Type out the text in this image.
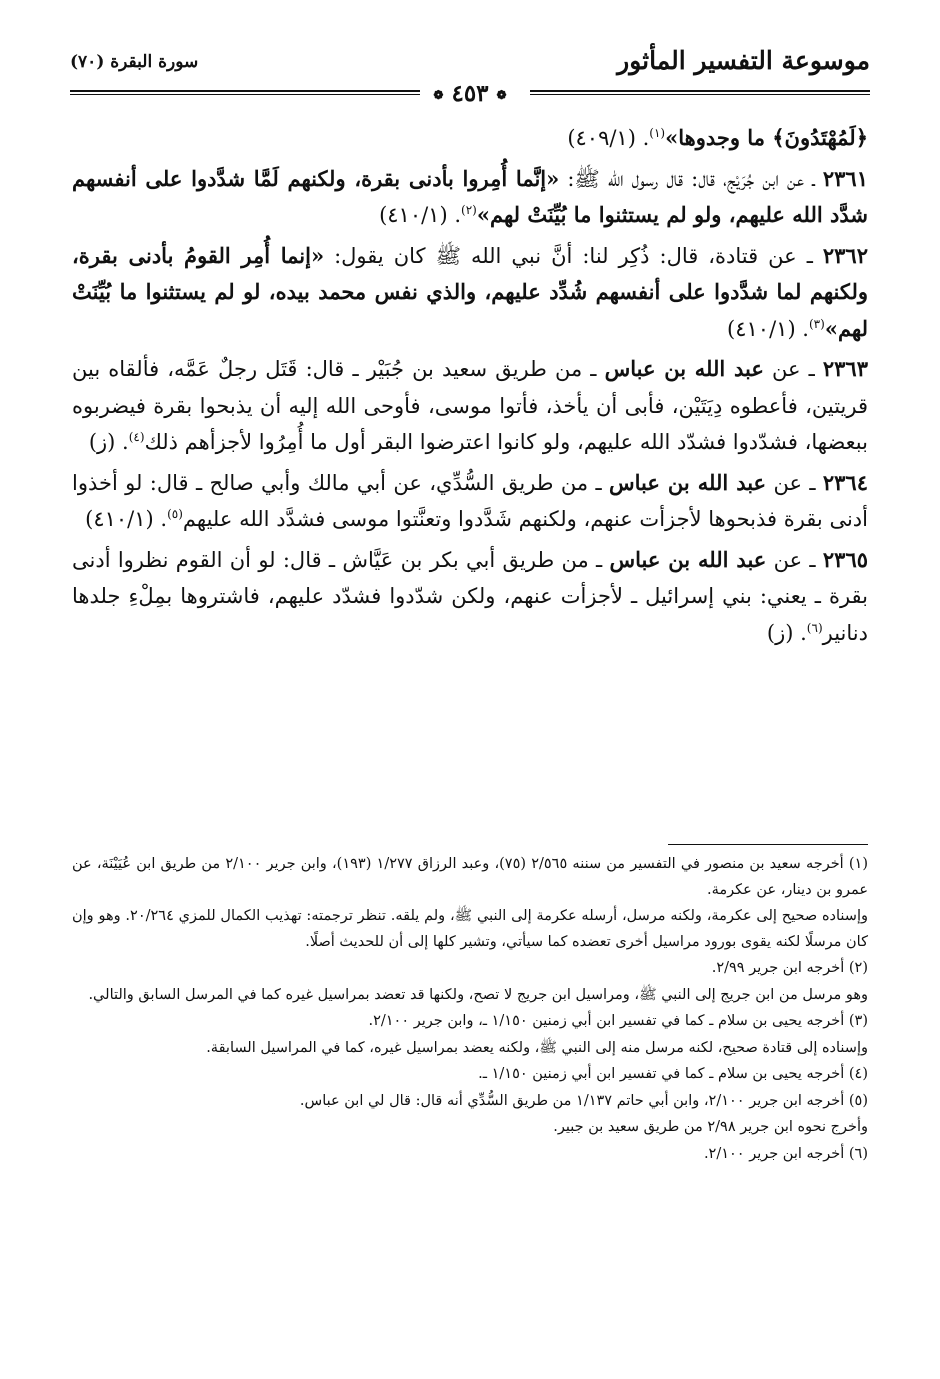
موسوعة التفسير المأثور
سورة البقرة (٧٠)
❁ ٤٥٣ ❁

﴿لَمُهْتَدُونَ﴾ ما وجدوها»$^{(١)}$. (٤٠٩/١)

٢٣٦١ ـ عن ابن جُرَيْج، قال: قال رسول الله ﷺ: «إنَّما أُمِروا بأدنى بقرة، ولكنهم لَمَّا شدَّدوا على أنفسهم شدَّد الله عليهم، ولو لم يستثنوا ما بُيِّنَتْ لهم»$^{(٢)}$. (٤١٠/١)

٢٣٦٢ ـ عن قتادة، قال: ذُكِر لنا: أنَّ نبي الله ﷺ كان يقول: «إنما أُمِر القومُ بأدنى بقرة، ولكنهم لما شدَّدوا على أنفسهم شُدِّد عليهم، والذي نفس محمد بيده، لو لم يستثنوا ما بُيِّنَتْ لهم»$^{(٣)}$. (٤١٠/١)

٢٣٦٣ ـ عن عبد الله بن عباس ـ من طريق سعيد بن جُبَيْر ـ قال: قَتَل رجلٌ عَمَّه، فألقاه بين قريتين، فأعطوه دِيَتَيْن، فأبى أن يأخذ، فأتوا موسى، فأوحى الله إليه أن يذبحوا بقرة فيضربوه ببعضها، فشدّدوا فشدّد الله عليهم، ولو كانوا اعترضوا البقر أول ما أُمِرُوا لأجزأهم ذلك$^{(٤)}$. (ز)

٢٣٦٤ ـ عن عبد الله بن عباس ـ من طريق السُّدِّي، عن أبي مالك وأبي صالح ـ قال: لو أخذوا أدنى بقرة فذبحوها لأجزأت عنهم، ولكنهم شَدَّدوا وتعنَّتوا موسى فشدَّد الله عليهم$^{(٥)}$. (٤١٠/١)

٢٣٦٥ ـ عن عبد الله بن عباس ـ من طريق أبي بكر بن عَيَّاش ـ قال: لو أن القوم نظروا أدنى بقرة ـ يعني: بني إسرائيل ـ لأجزأت عنهم، ولكن شدّدوا فشدّد عليهم، فاشتروها بمِلْءِ جلدها دنانير$^{(٦)}$. (ز)

(١) أخرجه سعيد بن منصور في التفسير من سننه ٢/٥٦٥ (٧٥)، وعبد الرزاق ١/٢٧٧ (١٩٣)، وابن جرير ٢/١٠٠ من طريق ابن عُيَيْنَة، عن عمرو بن دينار، عن عكرمة.

وإسناده صحيح إلى عكرمة، ولكنه مرسل، أرسله عكرمة إلى النبي ﷺ، ولم يلقه. تنظر ترجمته: تهذيب الكمال للمزي ٢٠/٢٦٤. وهو وإن كان مرسلًا لكنه يقوى بورود مراسيل أخرى تعضده كما سيأتي، وتشير كلها إلى أن للحديث أصلًا.

(٢) أخرجه ابن جرير ٢/٩٩.

وهو مرسل من ابن جريج إلى النبي ﷺ، ومراسيل ابن جريج لا تصح، ولكنها قد تعضد بمراسيل غيره كما في المرسل السابق والتالي.

(٣) أخرجه يحيى بن سلام ـ كما في تفسير ابن أبي زمنين ١/١٥٠ ـ، وابن جرير ٢/١٠٠.

وإسناده إلى قتادة صحيح، لكنه مرسل منه إلى النبي ﷺ، ولكنه يعضد بمراسيل غيره، كما في المراسيل السابقة.

(٤) أخرجه يحيى بن سلام ـ كما في تفسير ابن أبي زمنين ١/١٥٠ ـ.

(٥) أخرجه ابن جرير ٢/١٠٠، وابن أبي حاتم ١/١٣٧ من طريق السُّدِّي أنه قال: قال لي ابن عباس.

وأخرج نحوه ابن جرير ٢/٩٨ من طريق سعيد بن جبير.

(٦) أخرجه ابن جرير ٢/١٠٠.
